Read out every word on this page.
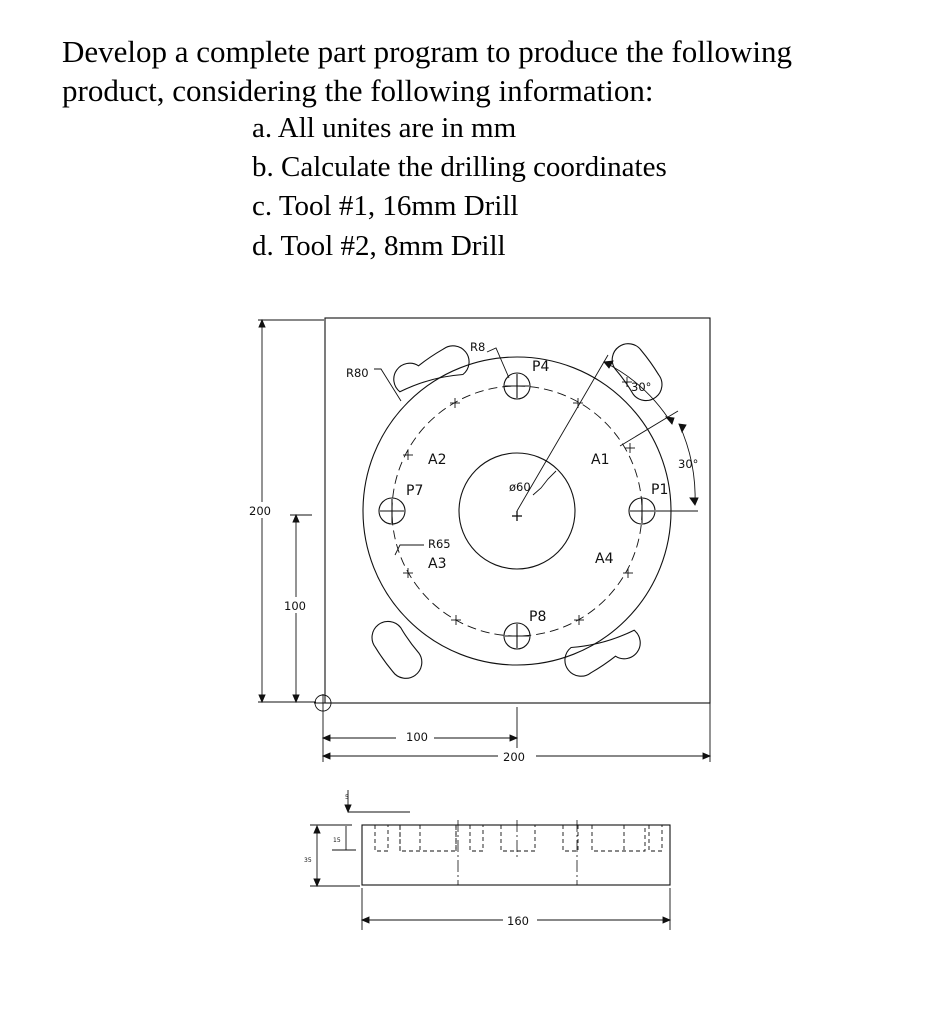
Develop a complete part program to produce the following

product, considering the following information:

a. All unites are in mm

b. Calculate the drilling coordinates

c. Tool #1, 16mm Drill

d. Tool #2, 8mm Drill

R8
R80
R65
ø60
30°
30°
P1
P4
P7
P8
A1
A2
A3	A4
200
100
100
200
160
5
15
35
